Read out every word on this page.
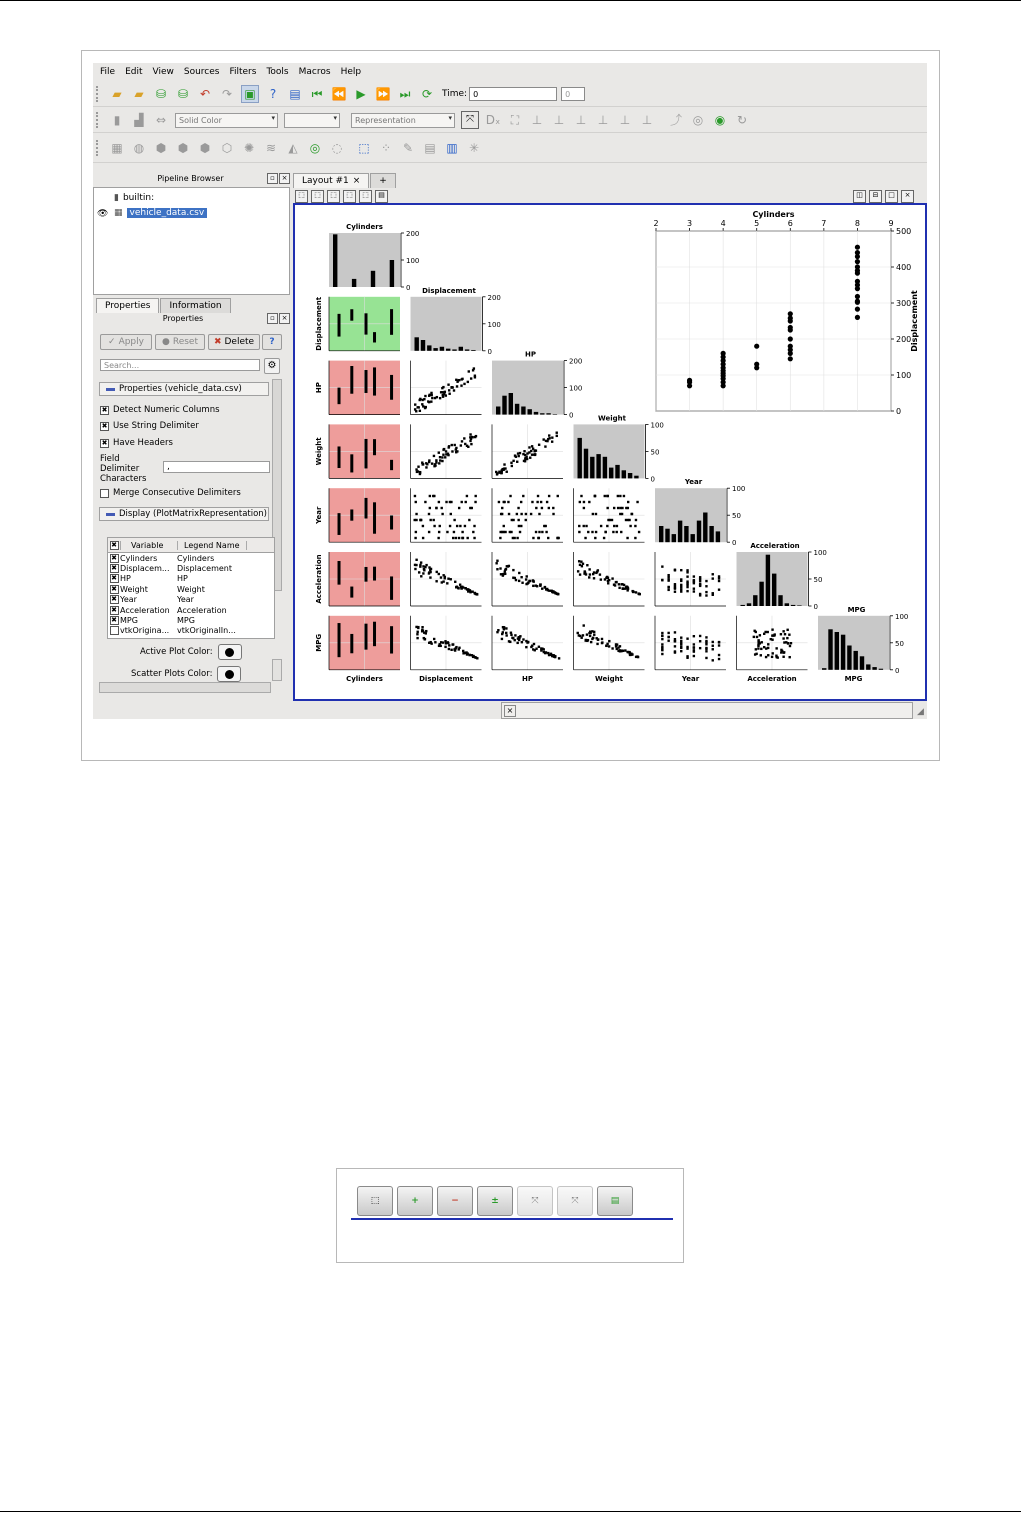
File Edit View Sources Filters Tools Macros Help
▰ ▰ ⛁ ⛁ ↶ ↷ ▣	?	▤ ⏮ ⏪ ▶ ⏩ ⏭ ⟳	Time: 0	0
▮	▟ ⇔	Solid Color	▾	▾ Representation	▾	⤧ Dₓ ⛶	⊥ ⊥ ⊥ ⊥ ⊥ ⊥ ⤴ ◎ ◉ ↻
▦ ◍ ⬢ ⬢ ⬢ ⬡ ✺ ≋ ◭ ◎ ◌ ⬚ ⁘ ✎ ▤ ▥ ✳
Pipeline Browser	▫ ×
▮ builtin:
👁 ▦ vehicle_data.csv
Properties	Information
Properties	▫ ×
✓ Apply ● Reset ✖ Delete	?
Search...	⚙
Properties (vehicle_data.csv)
✖ Detect Numeric Columns
✖ Use String Delimiter
✖ Have Headers
Field Delimiter Characters
,
Merge Consecutive Delimiters
Display (PlotMatrixRepresentation)
✖	Variable	Legend Name
✖ Cylinders	Cylinders
✖ Displacem... Displacement
✖ HP	HP
✖ Weight	Weight
✖ Year	Year
✖ Acceleration Acceleration
✖ MPG	MPG
vtkOrigina... vtkOriginalIn...
Active Plot Color:
Scatter Plots Color:
Layout #1 ×	+
⬚	⬚	⬚	⬚	⬚	▤	◫	⊟	□	×
0
100
200
Cylinders
0
100
200
Displacement
Displacement
0
100
200
HP
HP
0
50
100
Weight
Weight
0
50
100
Year
Year
0
50
100
Acceleration
Acceleration
0
50
100
MPG
MPG
Cylinders	Displacement	HP	Weight	Year	Acceleration	MPG
2	3	4	5	6	7	8	9
0
100
200
300
400
500
Cylinders
Displacement
×	◢
⬚	+	−	±	⤧	⤧	▤
